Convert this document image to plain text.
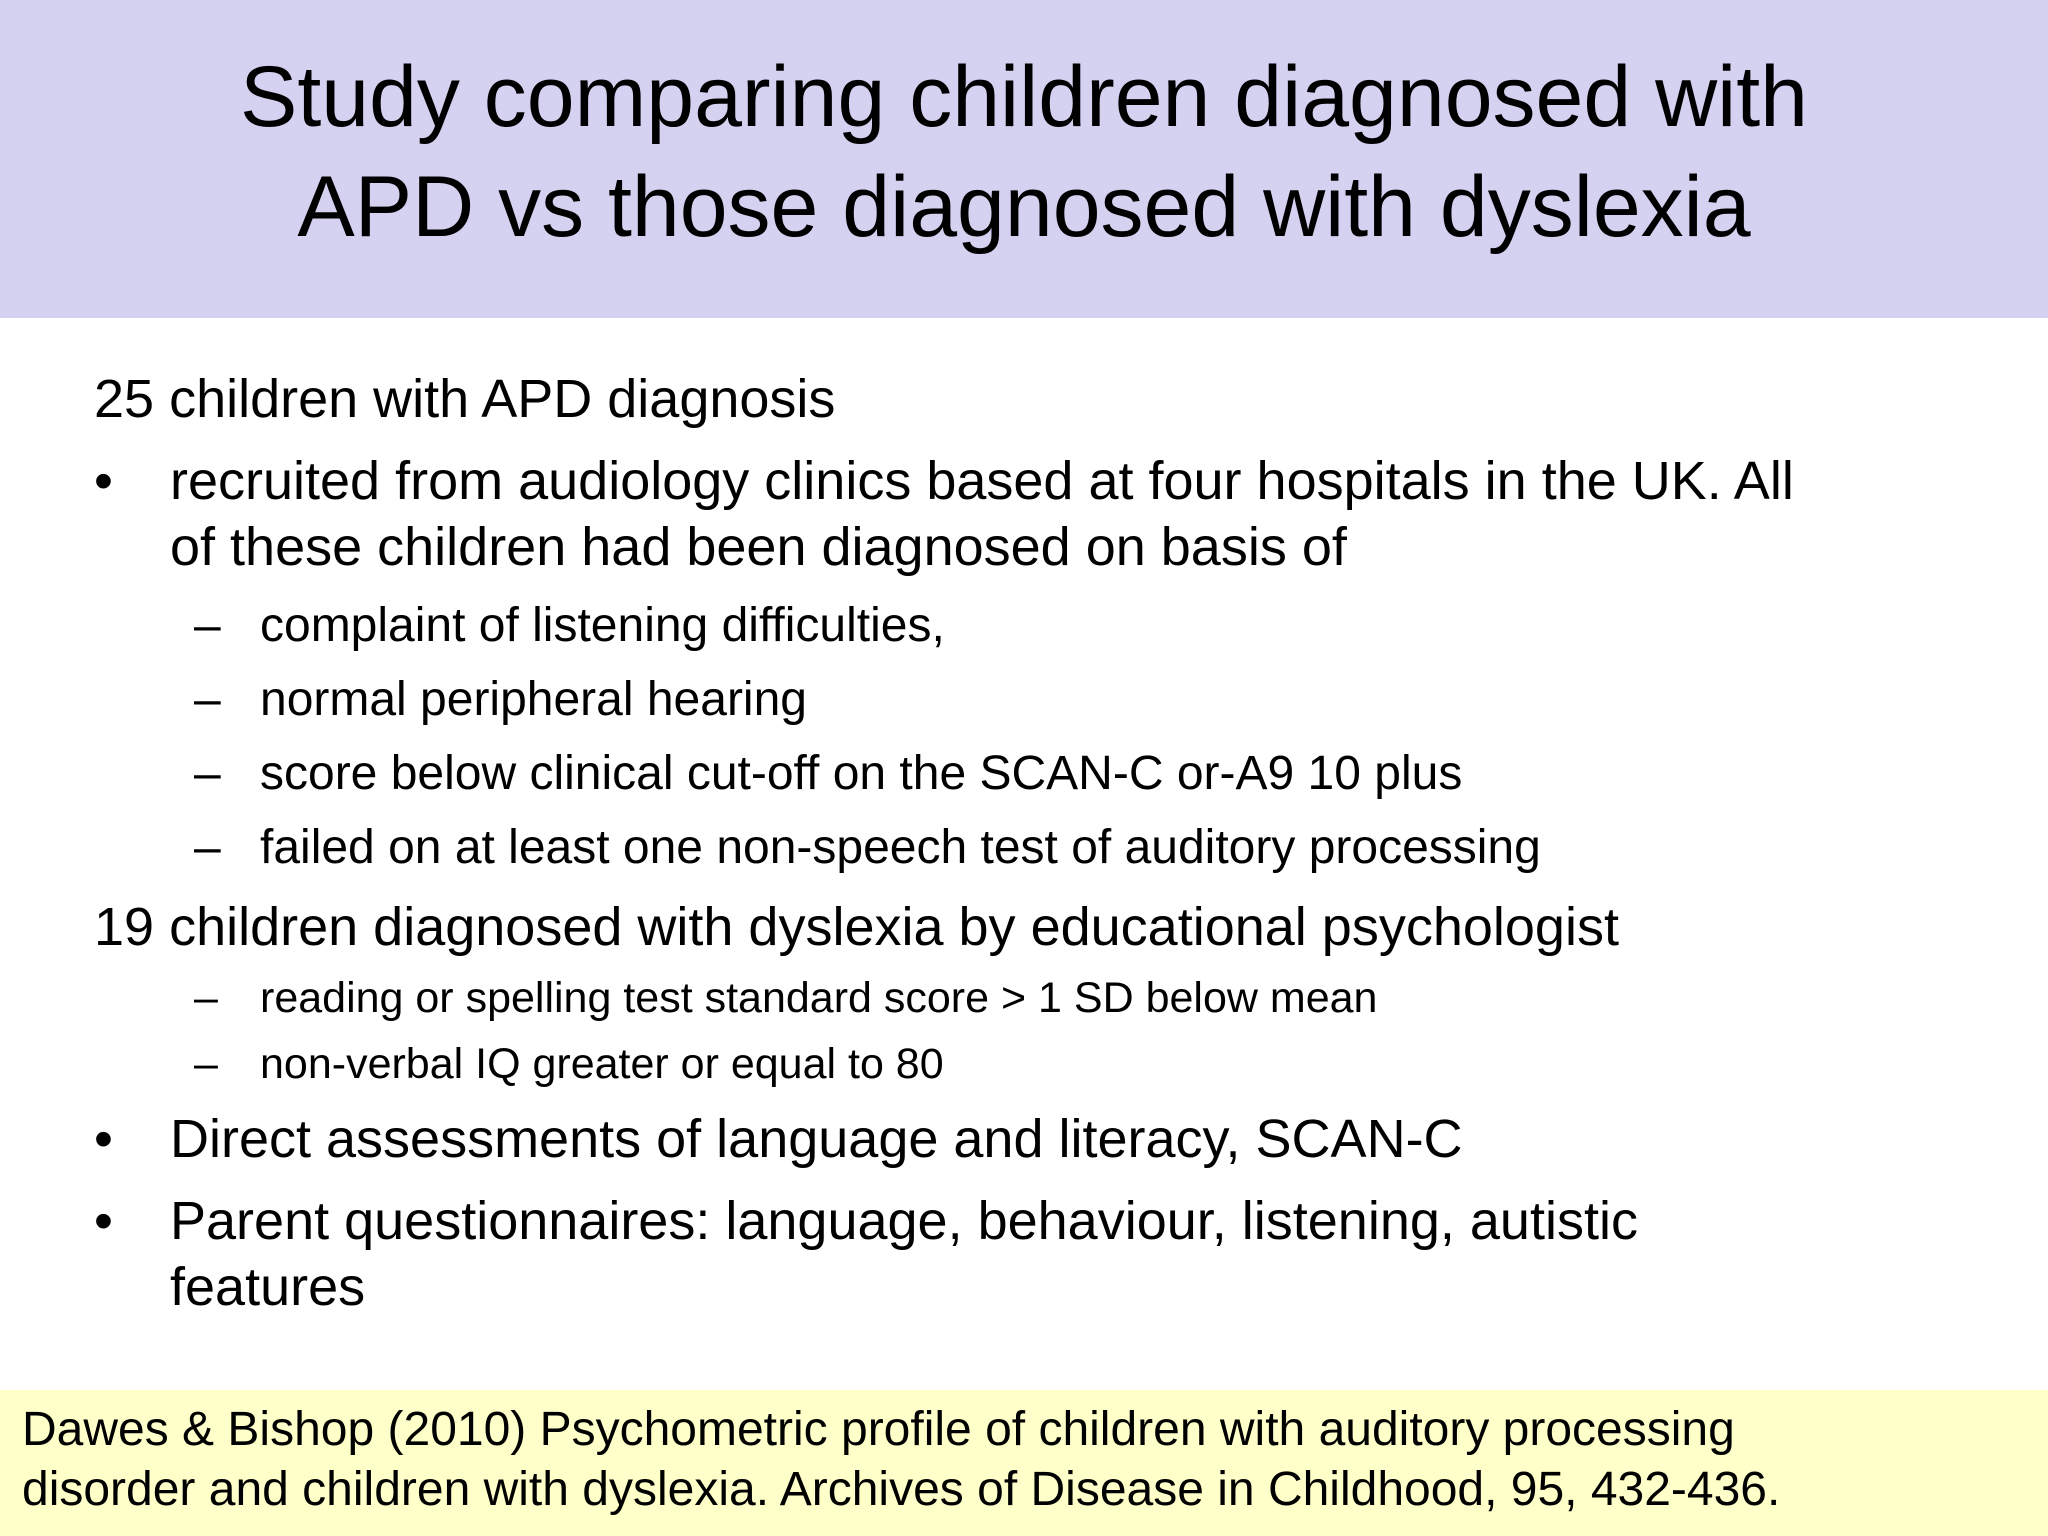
Study comparing children diagnosed with
APD vs those diagnosed with dyslexia
25 children with APD diagnosis
• recruited from audiology clinics based at four hospitals in the UK. All
of these children had been diagnosed on basis of
– complaint of listening difficulties,
– normal peripheral hearing
– score below clinical cut-off on the SCAN-C or-A9 10 plus
– failed on at least one non-speech test of auditory processing
19 children diagnosed with dyslexia by educational psychologist
– reading or spelling test standard score > 1 SD below mean
– non-verbal IQ greater or equal to 80
• Direct assessments of language and literacy, SCAN-C
• Parent questionnaires: language, behaviour, listening, autistic
features
Dawes & Bishop (2010) Psychometric profile of children with auditory processing
disorder and children with dyslexia. Archives of Disease in Childhood, 95, 432-436.
